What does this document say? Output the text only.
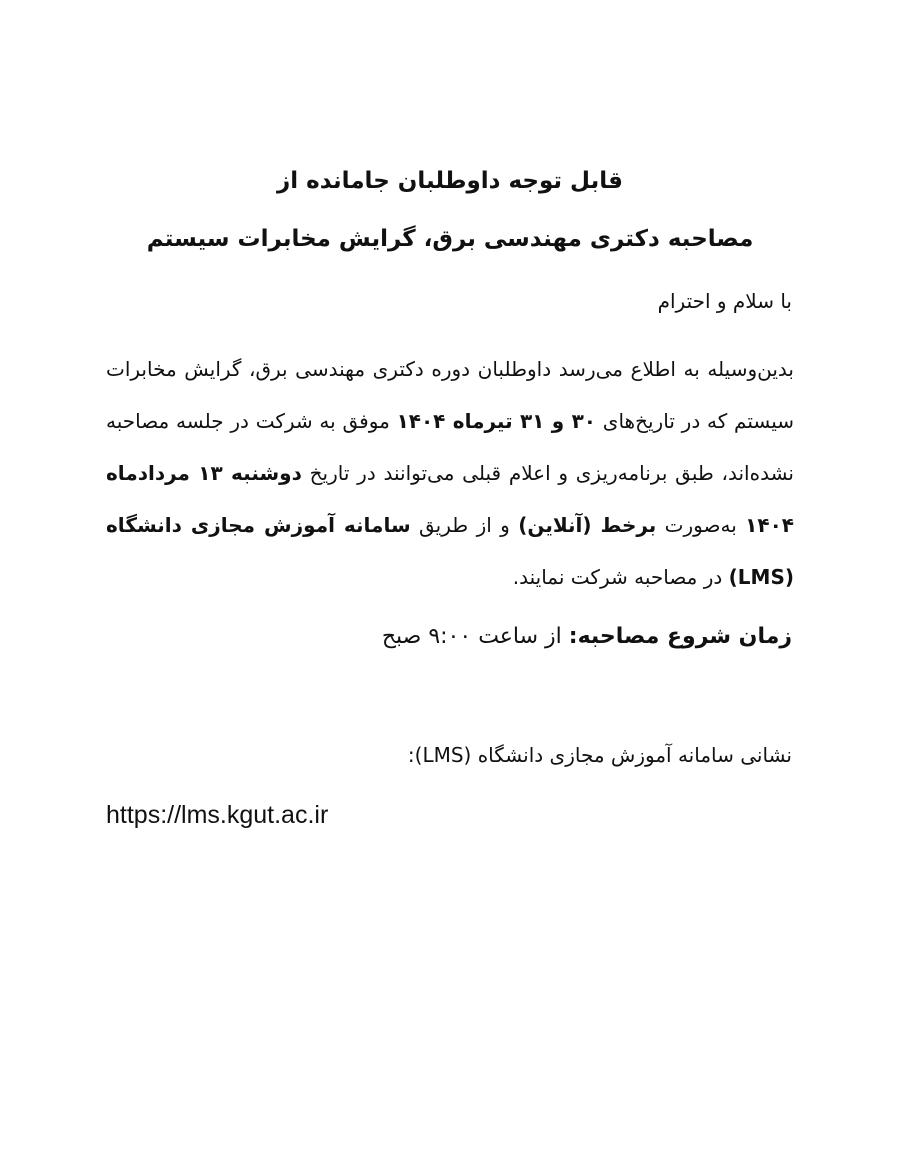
قابل توجه داوطلبان جامانده از
مصاحبه دکتری مهندسی برق، گرایش مخابرات سیستم
با سلام و احترام
بدین‌وسیله به اطلاع می‌رسد داوطلبان دوره دکتری مهندسی برق، گرایش مخابرات سیستم که در تاریخ‌های ۳۰ و ۳۱ تیرماه ۱۴۰۴ موفق به شرکت در جلسه مصاحبه نشده‌اند، طبق برنامه‌ریزی و اعلام قبلی می‌توانند در تاریخ دوشنبه ۱۳ مردادماه ۱۴۰۴ به‌صورت برخط (آنلاین) و از طریق سامانه آموزش مجازی دانشگاه (LMS) در مصاحبه شرکت نمایند.
زمان شروع مصاحبه: از ساعت ۹:۰۰ صبح
نشانی سامانه آموزش مجازی دانشگاه (LMS):
https://lms.kgut.ac.ir
